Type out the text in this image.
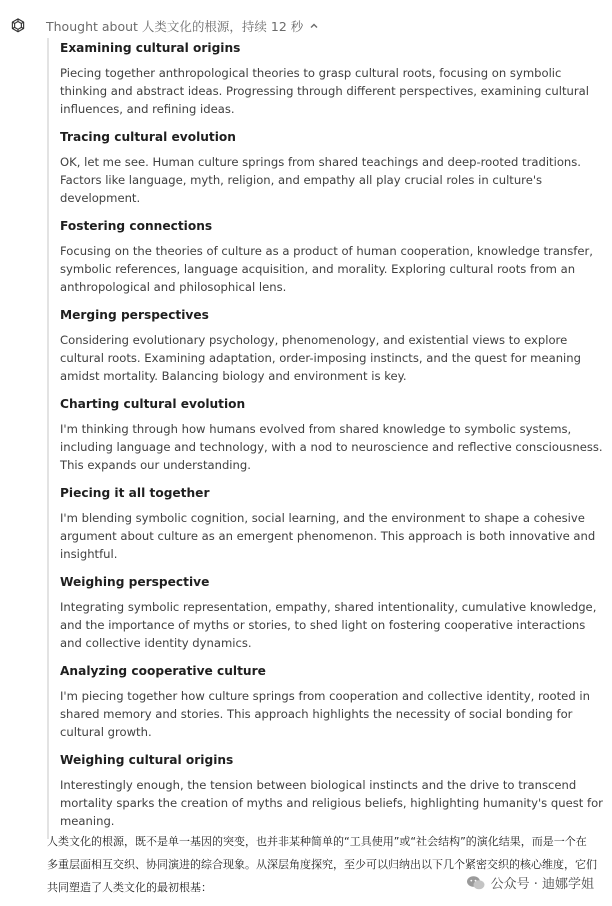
Thought about 人类文化的根源，持续 12 秒
Examining cultural origins
Piecing together anthropological theories to grasp cultural roots, focusing on symbolic thinking and abstract ideas. Progressing through different perspectives, examining cultural influences, and refining ideas.
Tracing cultural evolution
OK, let me see. Human culture springs from shared teachings and deep-rooted traditions. Factors like language, myth, religion, and empathy all play crucial roles in culture's development.
Fostering connections
Focusing on the theories of culture as a product of human cooperation, knowledge transfer, symbolic references, language acquisition, and morality. Exploring cultural roots from an anthropological and philosophical lens.
Merging perspectives
Considering evolutionary psychology, phenomenology, and existential views to explore cultural roots. Examining adaptation, order-imposing instincts, and the quest for meaning amidst mortality. Balancing biology and environment is key.
Charting cultural evolution
I'm thinking through how humans evolved from shared knowledge to symbolic systems, including language and technology, with a nod to neuroscience and reflective consciousness. This expands our understanding.
Piecing it all together
I'm blending symbolic cognition, social learning, and the environment to shape a cohesive argument about culture as an emergent phenomenon. This approach is both innovative and insightful.
Weighing perspective
Integrating symbolic representation, empathy, shared intentionality, cumulative knowledge, and the importance of myths or stories, to shed light on fostering cooperative interactions and collective identity dynamics.
Analyzing cooperative culture
I'm piecing together how culture springs from cooperation and collective identity, rooted in shared memory and stories. This approach highlights the necessity of social bonding for cultural growth.
Weighing cultural origins
Interestingly enough, the tension between biological instincts and the drive to transcend mortality sparks the creation of myths and religious beliefs, highlighting humanity's quest for meaning.
人类文化的根源，既不是单一基因的突变，也并非某种简单的“工具使用”或“社会结构”的演化结果，而是一个在多重层面相互交织、协同演进的综合现象。从深层角度探究，至少可以归纳出以下几个紧密交织的核心维度，它们共同塑造了人类文化的最初根基：	公众号 · 迪娜学姐
